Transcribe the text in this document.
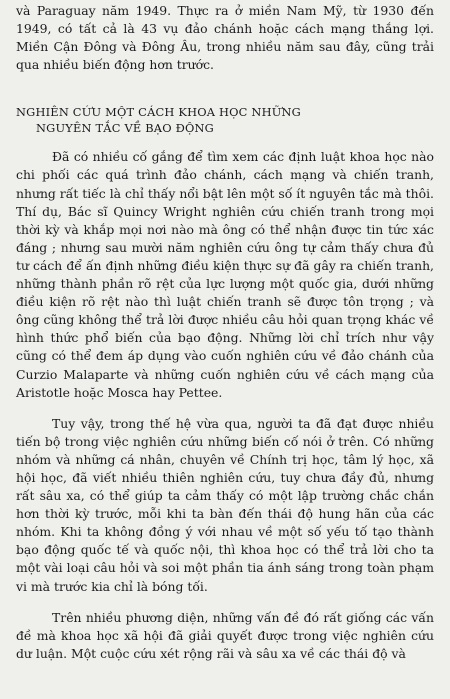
và Paraguay năm 1949. Thực ra ở miền Nam Mỹ, từ 1930 đến 1949, có tất cả là 43 vụ đảo chánh hoặc cách mạng thắng lợi. Miền Cận Đông và Đông Âu, trong nhiều năm sau đây, cũng trải qua nhiều biến động hơn trước.

NGHIÊN CỨU MỘT CÁCH KHOA HỌC NHỮNG
NGUYÊN TẮC VỀ BẠO ĐỘNG

Đã có nhiều cố gắng để tìm xem các định luật khoa học nào chi phối các quá trình đảo chánh, cách mạng và chiến tranh, nhưng rất tiếc là chỉ thấy nổi bật lên một số ít nguyên tắc mà thôi. Thí dụ, Bác sĩ Quincy Wright nghiên cứu chiến tranh trong mọi thời kỳ và khắp mọi nơi nào mà ông có thể nhận được tin tức xác đáng ; nhưng sau mười năm nghiên cứu ông tự cảm thấy chưa đủ tư cách để ấn định những điều kiện thực sự đã gây ra chiến tranh, những thành phần rõ rệt của lực lượng một quốc gia, dưới những điều kiện rõ rệt nào thì luật chiến tranh sẽ được tôn trọng ; và ông cũng không thể trả lời được nhiều câu hỏi quan trọng khác về hình thức phổ biến của bạo động. Những lời chỉ trích như vậy cũng có thể đem áp dụng vào cuốn nghiên cứu về đảo chánh của Curzio Malaparte và những cuốn nghiên cứu về cách mạng của Aristotle hoặc Mosca hay Pettee.

Tuy vậy, trong thế hệ vừa qua, người ta đã đạt được nhiều tiến bộ trong việc nghiên cứu những biến cố nói ở trên. Có những nhóm và những cá nhân, chuyên về Chính trị học, tâm lý học, xã hội học, đã viết nhiều thiên nghiên cứu, tuy chưa đầy đủ, nhưng rất sâu xa, có thể giúp ta cảm thấy có một lập trường chắc chắn hơn thời kỳ trước, mỗi khi ta bàn đến thái độ hung hãn của các nhóm. Khi ta không đồng ý với nhau về một số yếu tố tạo thành bạo động quốc tế và quốc nội, thì khoa học có thể trả lời cho ta một vài loại câu hỏi và soi một phần tia ánh sáng trong toàn phạm vi mà trước kia chỉ là bóng tối.

Trên nhiều phương diện, những vấn đề đó rất giống các vấn đề mà khoa học xã hội đã giải quyết được trong việc nghiên cứu dư luận. Một cuộc cứu xét rộng rãi và sâu xa về các thái độ và
